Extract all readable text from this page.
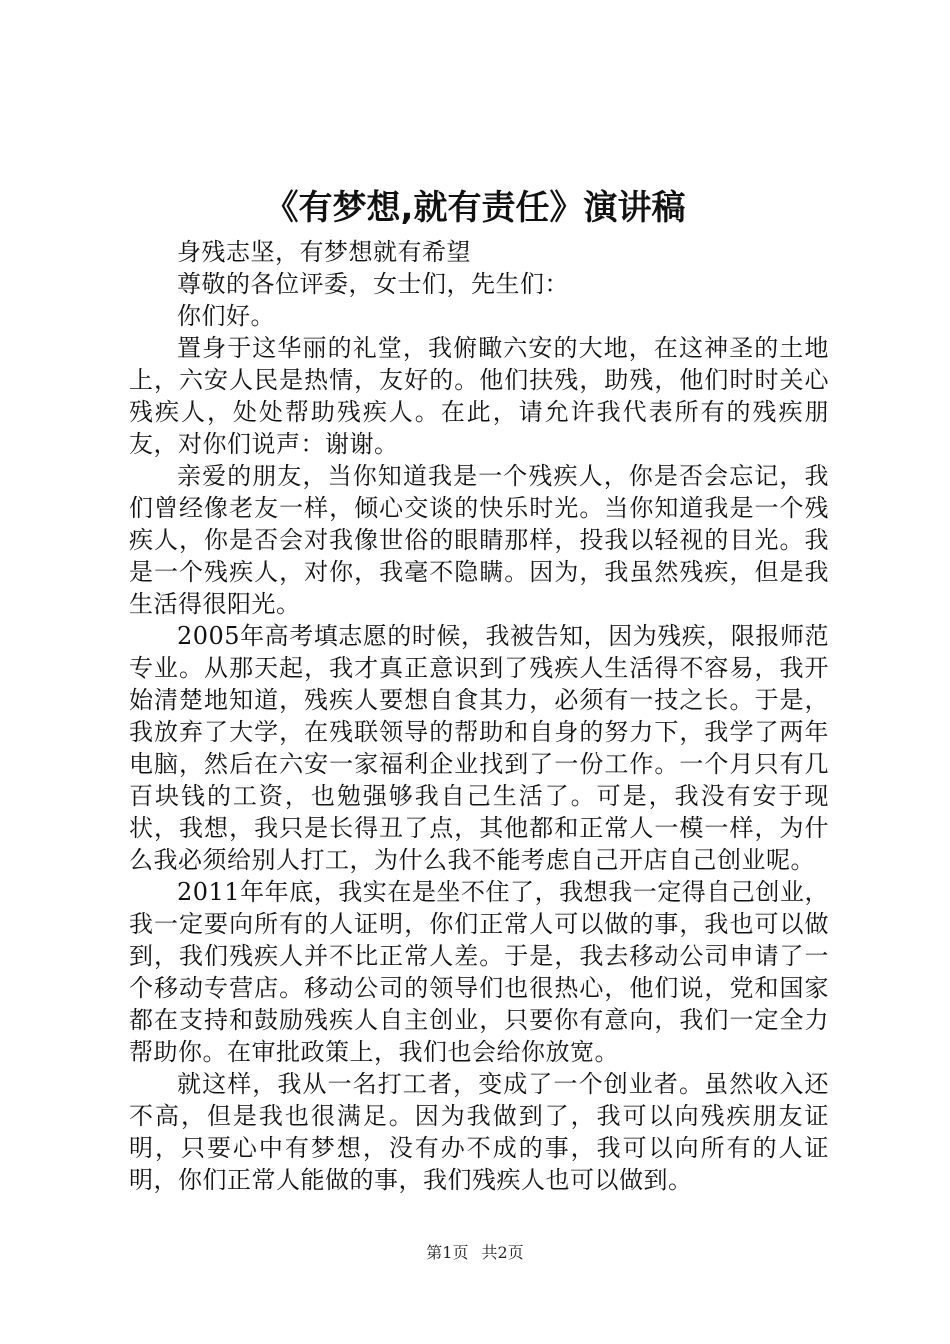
《有梦想,就有责任》演讲稿

身残志坚，有梦想就有希望

尊敬的各位评委，女士们，先生们：

你们好。

置身于这华丽的礼堂，我俯瞰六安的大地，在这神圣的土地上，六安人民是热情，友好的。他们扶残，助残，他们时时关心残疾人，处处帮助残疾人。在此，请允许我代表所有的残疾朋友，对你们说声：谢谢。

亲爱的朋友，当你知道我是一个残疾人，你是否会忘记，我们曾经像老友一样，倾心交谈的快乐时光。当你知道我是一个残疾人，你是否会对我像世俗的眼睛那样，投我以轻视的目光。我是一个残疾人，对你，我毫不隐瞒。因为，我虽然残疾，但是我生活得很阳光。

2005年高考填志愿的时候，我被告知，因为残疾，限报师范专业。从那天起，我才真正意识到了残疾人生活得不容易，我开始清楚地知道，残疾人要想自食其力，必须有一技之长。于是，我放弃了大学，在残联领导的帮助和自身的努力下，我学了两年电脑，然后在六安一家福利企业找到了一份工作。一个月只有几百块钱的工资，也勉强够我自己生活了。可是，我没有安于现状，我想，我只是长得丑了点，其他都和正常人一模一样，为什么我必须给别人打工，为什么我不能考虑自己开店自己创业呢。

2011年年底，我实在是坐不住了，我想我一定得自己创业，我一定要向所有的人证明，你们正常人可以做的事，我也可以做到，我们残疾人并不比正常人差。于是，我去移动公司申请了一个移动专营店。移动公司的领导们也很热心，他们说，党和国家都在支持和鼓励残疾人自主创业，只要你有意向，我们一定全力帮助你。在审批政策上，我们也会给你放宽。

就这样，我从一名打工者，变成了一个创业者。虽然收入还不高，但是我也很满足。因为我做到了，我可以向残疾朋友证明，只要心中有梦想，没有办不成的事，我可以向所有的人证明，你们正常人能做的事，我们残疾人也可以做到。

第1页 共2页
